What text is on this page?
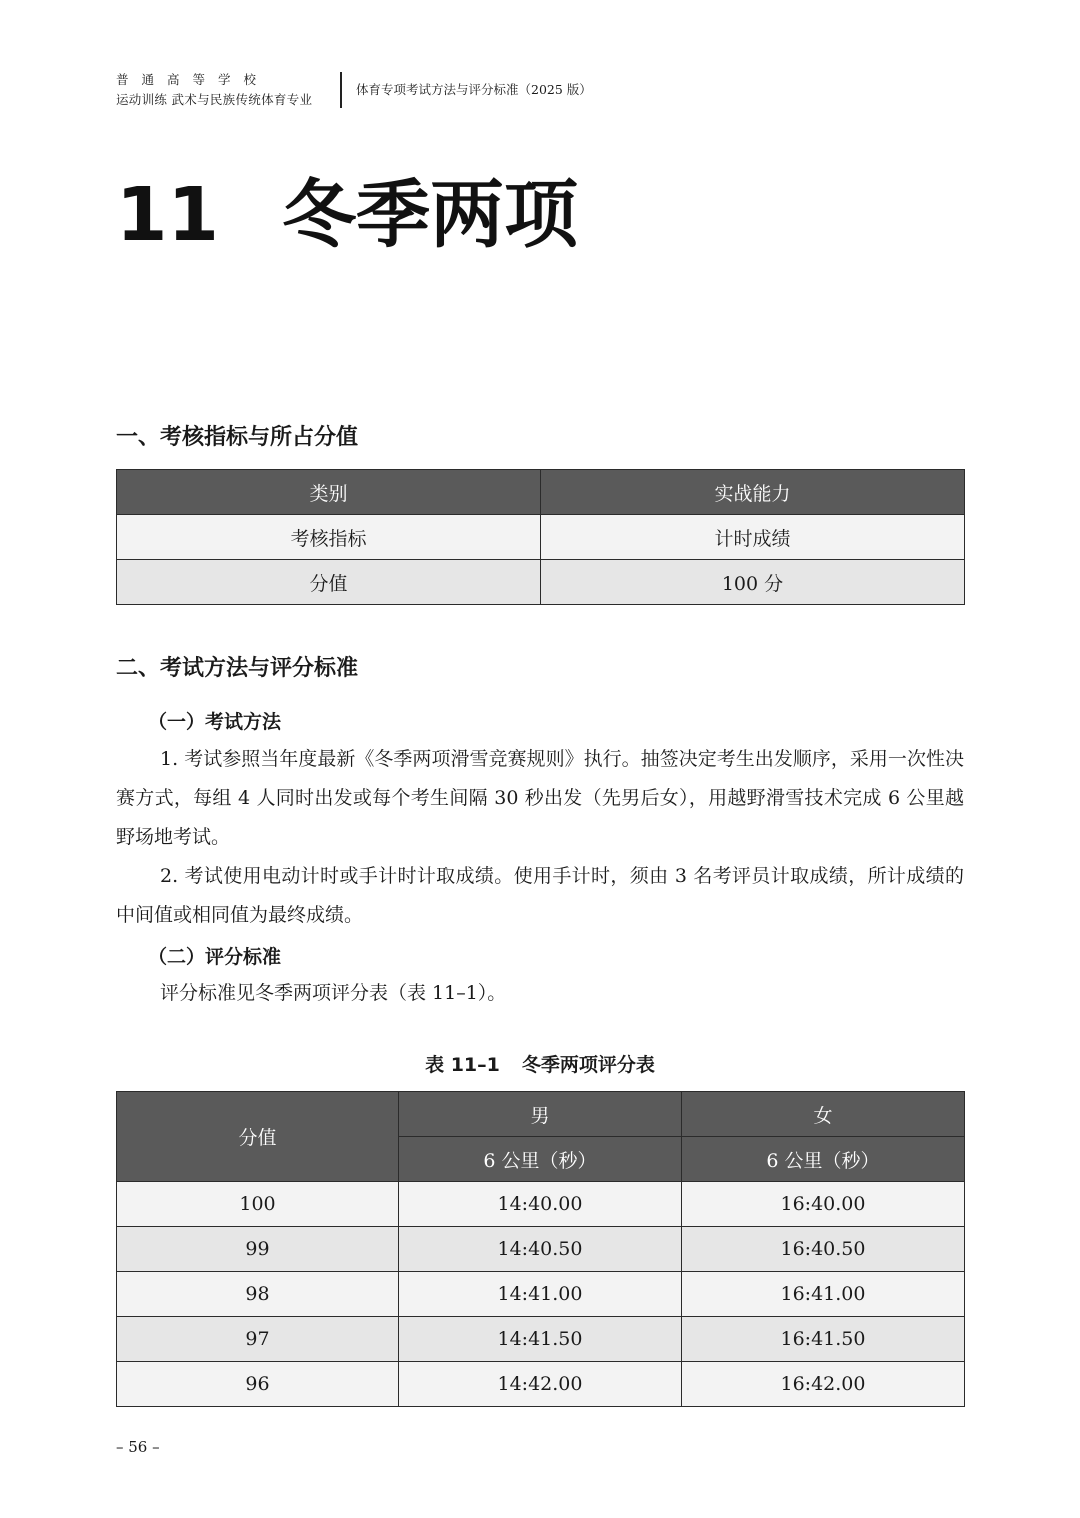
普通高等学校
运动训练 武术与民族传统体育专业
体育专项考试方法与评分标准（2025 版）
11 冬季两项
一、考核指标与所占分值
类别	实战能力
考核指标	计时成绩
分值	100 分
二、考试方法与评分标准
（一）考试方法
1. 考试参照当年度最新《冬季两项滑雪竞赛规则》执行。抽签决定考生出发顺序，采用一次性决赛方式，每组 4 人同时出发或每个考生间隔 30 秒出发（先男后女），用越野滑雪技术完成 6 公里越野场地考试。
2. 考试使用电动计时或手计时计取成绩。使用手计时，须由 3 名考评员计取成绩，所计成绩的中间值或相同值为最终成绩。
（二）评分标准
评分标准见冬季两项评分表（表 11–1）。
表 11–1 冬季两项评分表
分值	男	女
	6 公里（秒）	6 公里（秒）
100	14:40.00	16:40.00
99	14:40.50	16:40.50
98	14:41.00	16:41.00
97	14:41.50	16:41.50
96	14:42.00	16:42.00
– 56 –
